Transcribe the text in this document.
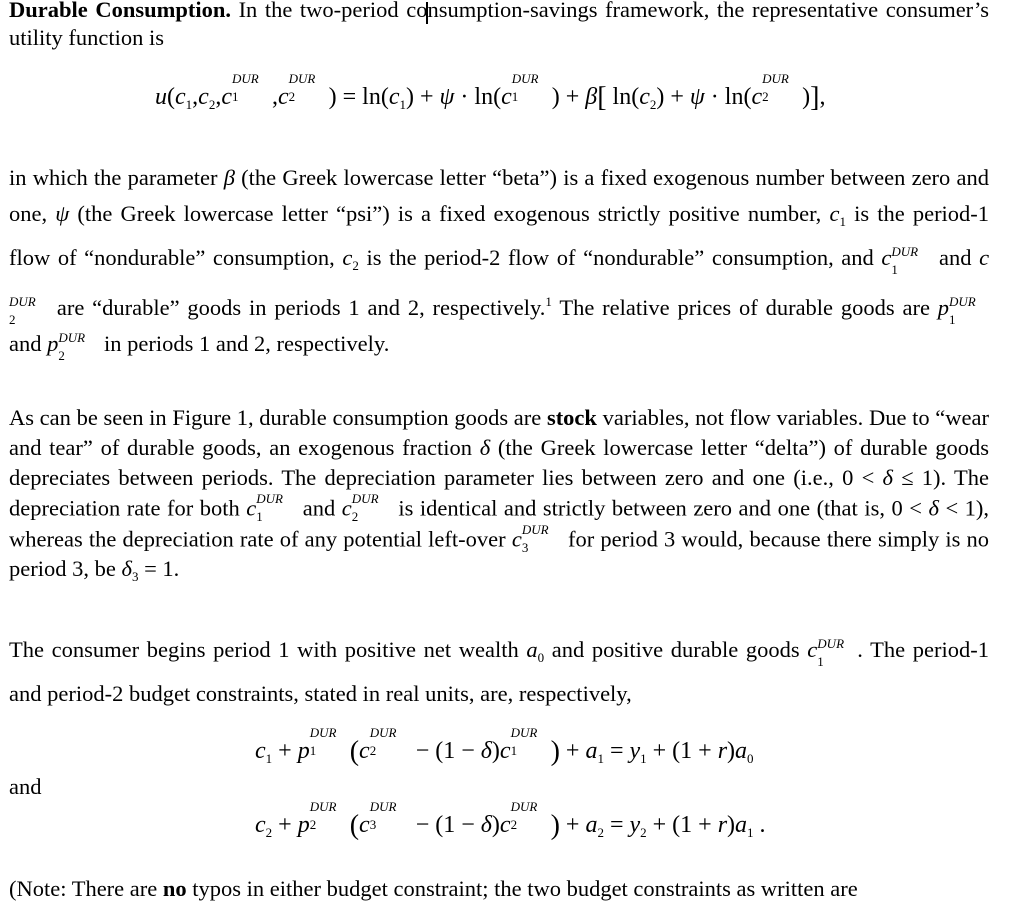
Durable Consumption. In the two-period consumption-savings framework, the representative consumer’s utility function is

$u(c_1,c_2,c$
DUR
1 ,c
DUR
2 ) = $\ln(c_1) + \psi \cdot \ln(c$
DUR
1 ) + β[ $\ln(c_2) + \psi \cdot \ln(c$
DUR
2 )],

in which the parameter β (the Greek lowercase letter “beta”) is a fixed exogenous number between zero and one, ψ (the Greek lowercase letter “psi”) is a fixed exogenous strictly positive number, $c_1$ is the period-1 flow of “nondurable” consumption, $c_2$ is the period-2 flow of “nondurable” consumption, and c DUR
1 and c
DUR
2 are “durable” goods in periods 1 and 2, respectively.$^1$ The relative prices of durable goods are p DUR
1
and p DUR
2 in periods 1 and 2, respectively.

As can be seen in Figure 1, durable consumption goods are stock variables, not flow variables. Due to “wear and tear” of durable goods, an exogenous fraction δ (the Greek lowercase letter “delta”) of durable goods depreciates between periods. The depreciation parameter lies between zero and one (i.e., 0 < δ ≤ 1). The depreciation rate for both c DUR
1 and c DUR
2 is identical and strictly between zero and one (that is, 0 < δ < 1), whereas the depreciation rate of any potential left-over c DUR
3 for period 3 would, because there simply is no period 3, be $\delta_3 = 1$.

The consumer begins period 1 with positive net wealth $a_0$ and positive durable goods c DUR
1 . The period-1 and period-2 budget constraints, stated in real units, are, respectively,

$c_1 + p$
DUR
1 (c
DUR
2 − (1 − δ)c
DUR
1 ) + $a_1 = y_1 + (1 + r)a_0$
and
$c_2 + p$
DUR
2 (c
DUR
3 − (1 − δ)c
DUR
2 ) + $a_2 = y_2 + (1 + r)a_1$ .

(Note: There are no typos in either budget constraint; the two budget constraints as written are
